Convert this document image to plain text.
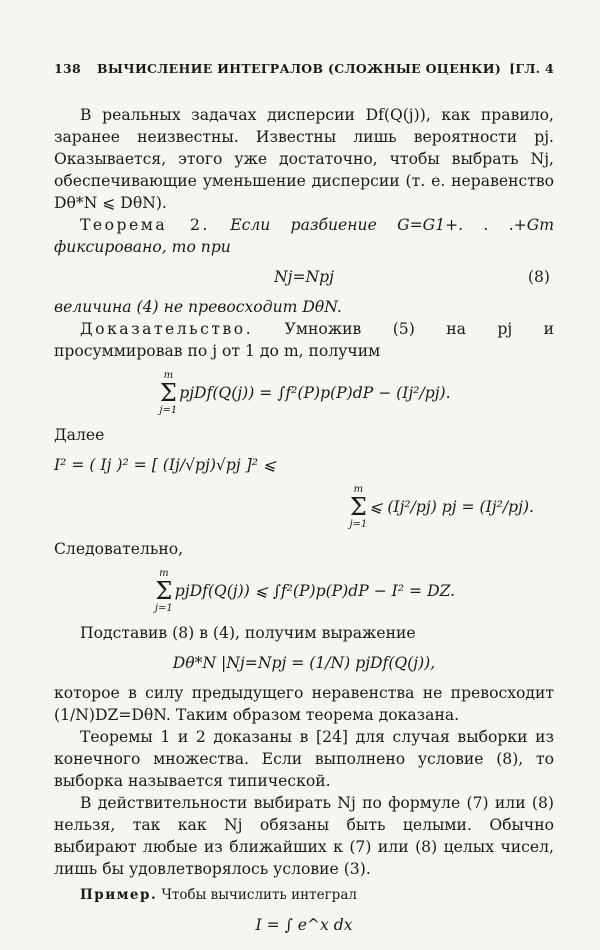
138	ВЫЧИСЛЕНИЕ ИНТЕГРАЛОВ (СЛОЖНЫЕ ОЦЕНКИ) [ГЛ. 4

В реальных задачах дисперсии Df(Q(j)), как правило, заранее неизвестны. Известны лишь вероятности pj. Оказывается, этого уже достаточно, чтобы выбрать Nj, обеспечивающие уменьшение дисперсии (т. е. неравенство Dθ*N ⩽ DθN).

Теорема 2. Если разбиение G=G1+. . .+Gm фиксировано, то при

Nj=Npj	(8)

величина (4) не превосходит DθN.

Доказательство. Умножив (5) на pj и просуммировав по j от 1 до m, получим

m
Σ
j=1
pjDf(Q(j)) = ∫f²(P)p(P)dP − (Ij²/pj).

Далее

I² = ( Ij )² = [ (Ij/√pj)√pj ]² ⩽
m
Σ
j=1
⩽ (Ij²/pj) pj = (Ij²/pj).

Следовательно,

m
Σ
j=1
pjDf(Q(j)) ⩽ ∫f²(P)p(P)dP − I² = DZ.

Подставив (8) в (4), получим выражение

Dθ*N |Nj=Npj = (1/N) pjDf(Q(j)),

которое в силу предыдущего неравенства не превосходит (1/N)DZ=DθN. Таким образом теорема доказана.

Теоремы 1 и 2 доказаны в [24] для случая выборки из конечного множества. Если выполнено условие (8), то выборка называется типической.

В действительности выбирать Nj по формуле (7) или (8) нельзя, так как Nj обязаны быть целыми. Обычно выбирают любые из ближайших к (7) или (8) целых чисел, лишь бы удовлетворялось условие (3).

Пример. Чтобы вычислить интеграл

I = ∫ e^x dx
